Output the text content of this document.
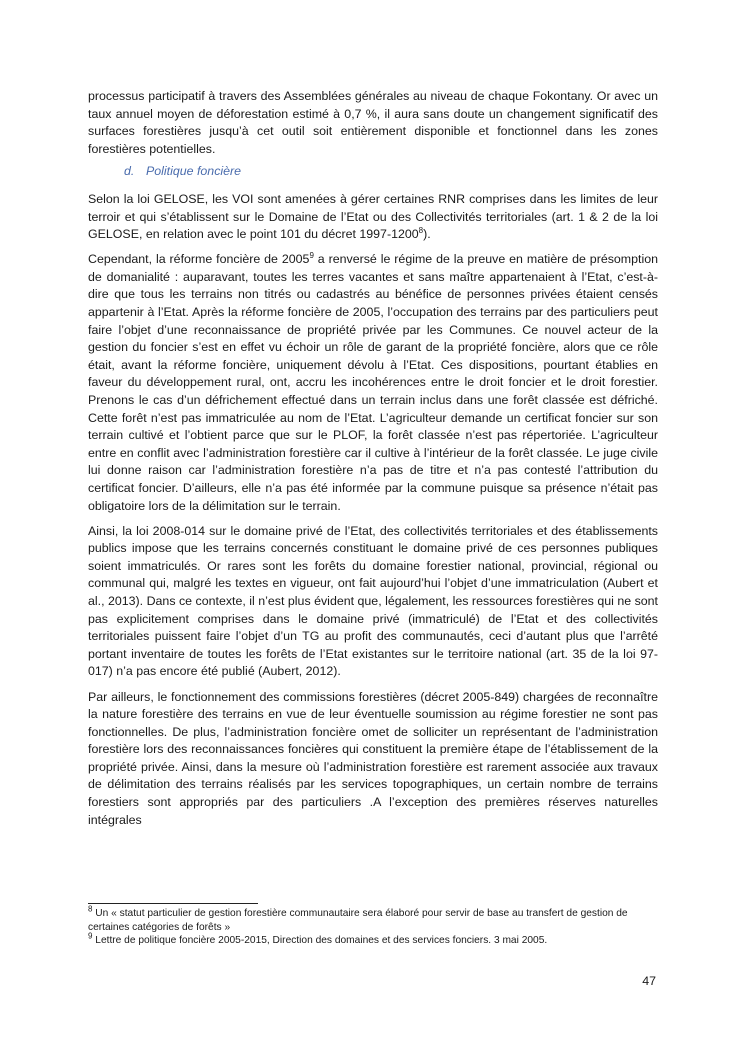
processus participatif à travers des Assemblées générales au niveau de chaque Fokontany. Or avec un taux annuel moyen de déforestation estimé à 0,7 %, il aura sans doute un changement significatif des surfaces forestières jusqu’à cet outil soit entièrement disponible et fonctionnel dans les zones forestières potentielles.

d. Politique foncière

Selon la loi GELOSE, les VOI sont amenées à gérer certaines RNR comprises dans les limites de leur terroir et qui s’établissent sur le Domaine de l’Etat ou des Collectivités territoriales (art. 1 & 2 de la loi GELOSE, en relation avec le point 101 du décret 1997-1200$^8$).

Cependant, la réforme foncière de 2005$^9$ a renversé le régime de la preuve en matière de présomption de domanialité : auparavant, toutes les terres vacantes et sans maître appartenaient à l’Etat, c’est-à-dire que tous les terrains non titrés ou cadastrés au bénéfice de personnes privées étaient censés appartenir à l’Etat. Après la réforme foncière de 2005, l’occupation des terrains par des particuliers peut faire l’objet d’une reconnaissance de propriété privée par les Communes. Ce nouvel acteur de la gestion du foncier s’est en effet vu échoir un rôle de garant de la propriété foncière, alors que ce rôle était, avant la réforme foncière, uniquement dévolu à l’Etat. Ces dispositions, pourtant établies en faveur du développement rural, ont, accru les incohérences entre le droit foncier et le droit forestier. Prenons le cas d’un défrichement effectué dans un terrain inclus dans une forêt classée est défriché. Cette forêt n’est pas immatriculée au nom de l’Etat. L’agriculteur demande un certificat foncier sur son terrain cultivé et l’obtient parce que sur le PLOF, la forêt classée n’est pas répertoriée. L’agriculteur entre en conflit avec l’administration forestière car il cultive à l’intérieur de la forêt classée. Le juge civile lui donne raison car l’administration forestière n’a pas de titre et n’a pas contesté l’attribution du certificat foncier. D’ailleurs, elle n’a pas été informée par la commune puisque sa présence n’était pas obligatoire lors de la délimitation sur le terrain.

Ainsi, la loi 2008-014 sur le domaine privé de l’Etat, des collectivités territoriales et des établissements publics impose que les terrains concernés constituant le domaine privé de ces personnes publiques soient immatriculés. Or rares sont les forêts du domaine forestier national, provincial, régional ou communal qui, malgré les textes en vigueur, ont fait aujourd’hui l’objet d’une immatriculation (Aubert et al., 2013). Dans ce contexte, il n’est plus évident que, légalement, les ressources forestières qui ne sont pas explicitement comprises dans le domaine privé (immatriculé) de l’Etat et des collectivités territoriales puissent faire l’objet d’un TG au profit des communautés, ceci d’autant plus que l’arrêté portant inventaire de toutes les forêts de l’Etat existantes sur le territoire national (art. 35 de la loi 97-017) n’a pas encore été publié (Aubert, 2012).

Par ailleurs, le fonctionnement des commissions forestières (décret 2005-849) chargées de reconnaître la nature forestière des terrains en vue de leur éventuelle soumission au régime forestier ne sont pas fonctionnelles. De plus, l’administration foncière omet de solliciter un représentant de l’administration forestière lors des reconnaissances foncières qui constituent la première étape de l’établissement de la propriété privée. Ainsi, dans la mesure où l’administration forestière est rarement associée aux travaux de délimitation des terrains réalisés par les services topographiques, un certain nombre de terrains forestiers sont appropriés par des particuliers .A l’exception des premières réserves naturelles intégrales

$^8$ Un « statut particulier de gestion forestière communautaire sera élaboré pour servir de base au transfert de gestion de certaines catégories de forêts »

$^9$ Lettre de politique foncière 2005-2015, Direction des domaines et des services fonciers. 3 mai 2005.

47
